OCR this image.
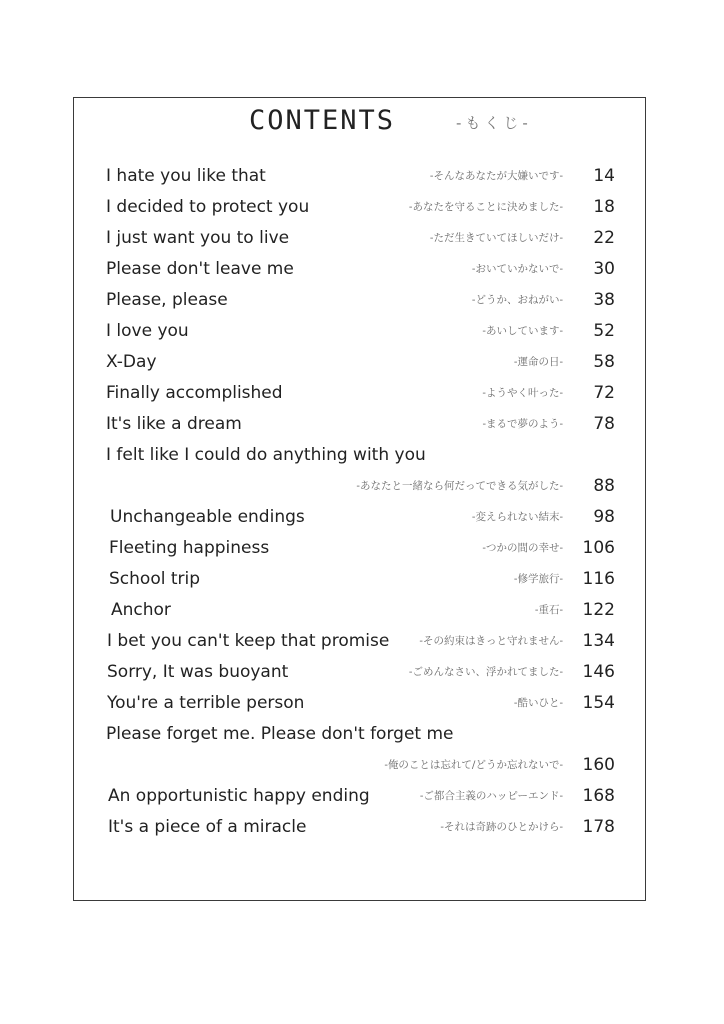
CONTENTS	-もくじ-
I hate you like that	-そんなあなたが大嫌いです- 14
I decided to protect you	-あなたを守ることに決めました- 18
I just want you to live	-ただ生きていてほしいだけ- 22
Please don't leave me	-おいていかないで- 30
Please, please	-どうか、おねがい- 38
I love you	-あいしています- 52
X-Day	-運命の日- 58
Finally accomplished	-ようやく叶った- 72
It's like a dream	-まるで夢のよう- 78
I felt like I could do anything with you
-あなたと一緒なら何だってできる気がした- 88
Unchangeable endings	-変えられない結末- 98
Fleeting happiness	-つかの間の幸せ- 106
School trip	-修学旅行- 116
Anchor	-重石- 122
I bet you can't keep that promise	-その約束はきっと守れません- 134
Sorry, It was buoyant	-ごめんなさい、浮かれてました- 146
You're a terrible person	-酷いひと- 154
Please forget me. Please don't forget me
-俺のことは忘れて/どうか忘れないで- 160
An opportunistic happy ending	-ご都合主義のハッピーエンド- 168
It's a piece of a miracle	-それは奇跡のひとかけら- 178
